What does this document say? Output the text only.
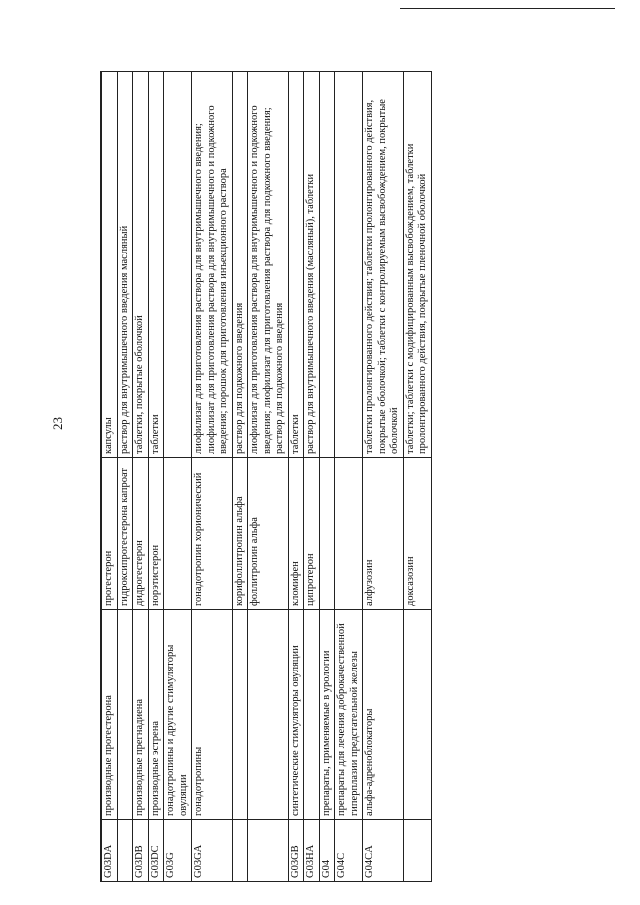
23

G03DA	производные прогестерона	прогестерон	капсулы
		гидроксипрогестерона капроат	раствор для внутримышечного введения масляный
G03DB	производные прегнадиена	дидрогестерон	таблетки, покрытые оболочкой
G03DC	производные эстрена	норэтистерон	таблетки
G03G	гонадотропины и другие стимуляторы овуляции		
G03GA	гонадотропины	гонадотропин хорионический	лиофилизат для приготовления раствора для внутримышечного введения; лиофилизат для приготовления раствора для внутримышечного и подкожного введения; порошок для приготовления инъекционного раствора
		корифоллитропин альфа	раствор для подкожного введения
		фоллитропин альфа	лиофилизат для приготовления раствора для внутримышечного и подкожного введения; лиофилизат для приготовления раствора для подкожного введения; раствор для подкожного введения
G03GB	синтетические стимуляторы овуляции	кломифен	таблетки
G03HA		ципротерон	раствор для внутримышечного введения (масляный), таблетки
G04	препараты, применяемые в урологии		
G04C	препараты для лечения доброкачественной гиперплазии предстательной железы		
G04CA	альфа-адреноблокаторы	алфузозин	таблетки пролонгированного действия; таблетки пролонгированного действия, покрытые оболочкой; таблетки с контролируемым высвобождением, покрытые оболочкой
		доксазозин	таблетки; таблетки с модифицированным высвобождением, таблетки пролонгированного действия, покрытые пленочной оболочкой
